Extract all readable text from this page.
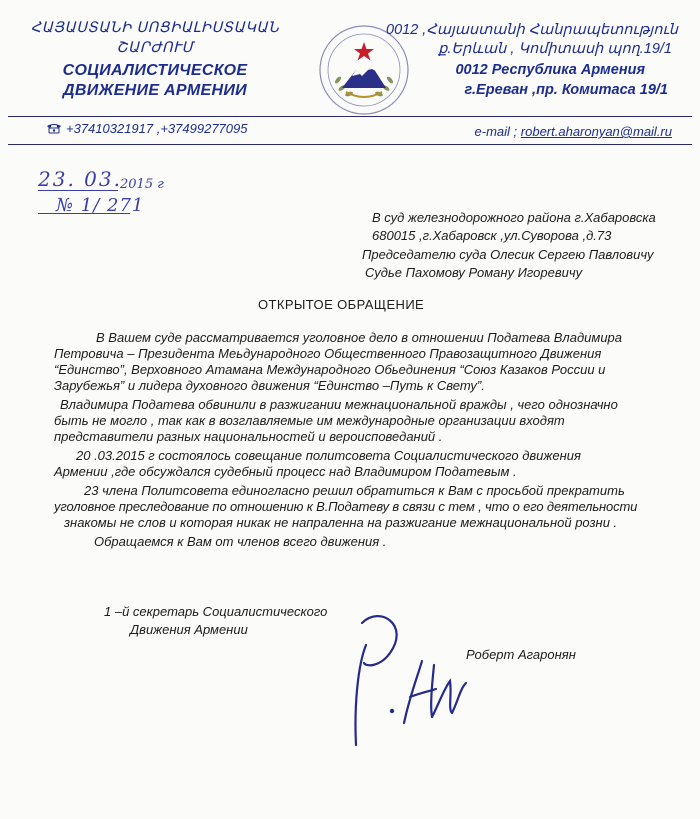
ՀԱՅԱՍՏԱՆԻ ՍՈՑԻԱԼԻՍՏԱԿԱՆ
ՇԱՐԺՈՒՄ
СОЦИАЛИСТИЧЕСКОЕ
ДВИЖЕНИЕ АРМЕНИИ
0012 ,Հայաստանի Հանրապետություն
ք.Երևան , Կոմիտասի պող.19/1
0012 Республика Армения
г.Ереван ,пр. Комитаса 19/1
+37410321917 ,+37499277095	e-mail ; robert.aharonyan@mail.ru
23. 03.
2015 г
№ 1/ 271
В суд железнодорожного района г.Хабаровска
680015 ,г.Хабаровск ,ул.Суворова ,д.73
Председателю суда Олесик Сергею Павловичу
Судье Пахомову Роману Игоревичу
ОТКРЫТОЕ ОБРАЩЕНИЕ
В Вашем суде рассматривается уголовное дело в отношении Податева Владимира
Петровича – Президента Мeьдународного Общественного Правозащитного Движения
“Единство”, Верховного Атамана Международного Обьединения “Союз Казаков России и
Зарубежья” и лидера духовного движения “Единство –Путь к Свету”.
Владимира Податева обвинили в разжигании межнациональной вражды , чего однозначно
быть не могло , так как в возглавляемые им международные организации входят
представители разных национальностей и вероисповеданий .
20 .03.2015 г состоялось совещание политсовета Социалистического движения
Армении ,где обсуждался судебный процесс над Владимиром Податевым .
23 члена Политсовета единогласно решил обратиться к Вам с просьбой прекратить
уголовное преследование по отношению к В.Податеву в связи с тем , что о его деятельности
знакомы не слов и которая никак не напраленна на разжигание межнациональной розни .
Обращаемся к Вам от членов всего движения .
1 –й секретарь Социалистического
Движения Армении
Роберт Агаронян
